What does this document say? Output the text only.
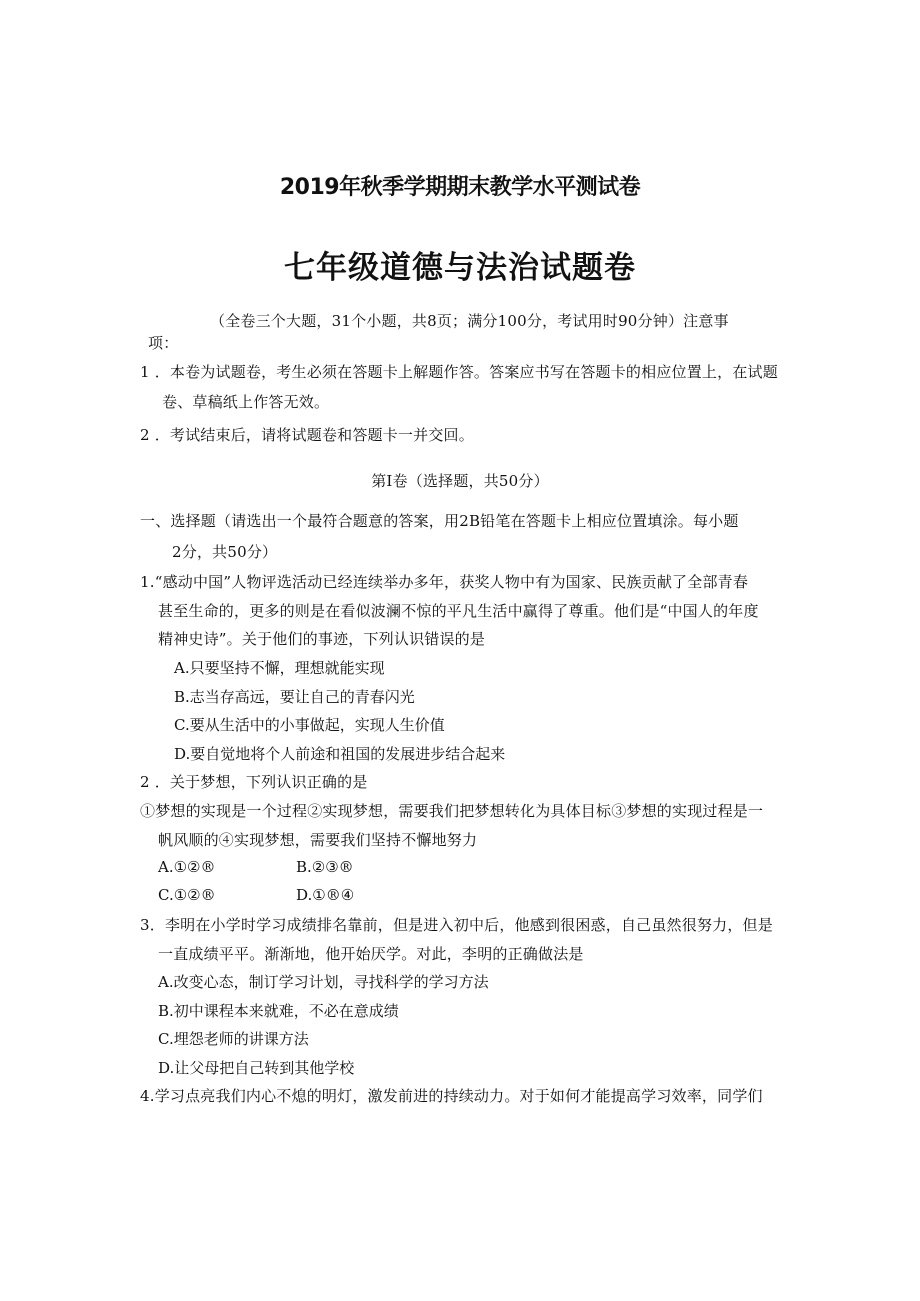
2019年秋季学期期末教学水平测试卷
七年级道德与法治试题卷
（全卷三个大题，31个小题，共8页；满分100分，考试用时90分钟）注意事
项：
1 ．本卷为试题卷，考生必须在答题卡上解题作答。答案应书写在答题卡的相应位置上，在试题
卷、草稿纸上作答无效。
2 ．考试结束后，请将试题卷和答题卡一并交回。
第Ⅰ卷（选择题，共50分）
一、选择题（请选出一个最符合题意的答案，用2B铅笔在答题卡上相应位置填涂。每小题
2分，共50分）
1.“感动中国”人物评选活动已经连续举办多年，获奖人物中有为国家、民族贡献了全部青春
甚至生命的，更多的则是在看似波澜不惊的平凡生活中赢得了尊重。他们是“中国人的年度
精神史诗”。关于他们的事迹，下列认识错误的是
A.只要坚持不懈，理想就能实现
B.志当存高远，要让自己的青春闪光
C.要从生活中的小事做起，实现人生价值
D.要自觉地将个人前途和祖国的发展进步结合起来
2 ．关于梦想，下列认识正确的是
①梦想的实现是一个过程②实现梦想，需要我们把梦想转化为具体目标③梦想的实现过程是一
帆风顺的④实现梦想，需要我们坚持不懈地努力
A.①②®	B.②③®
C.①②®	D.①®④
3．李明在小学时学习成绩排名靠前，但是进入初中后，他感到很困惑，自己虽然很努力，但是
一直成绩平平。渐渐地，他开始厌学。对此，李明的正确做法是
A.改变心态，制订学习计划，寻找科学的学习方法
B.初中课程本来就难，不必在意成绩
C.埋怨老师的讲课方法
D.让父母把自己转到其他学校
4.学习点亮我们内心不熄的明灯，激发前进的持续动力。对于如何才能提高学习效率，同学们
